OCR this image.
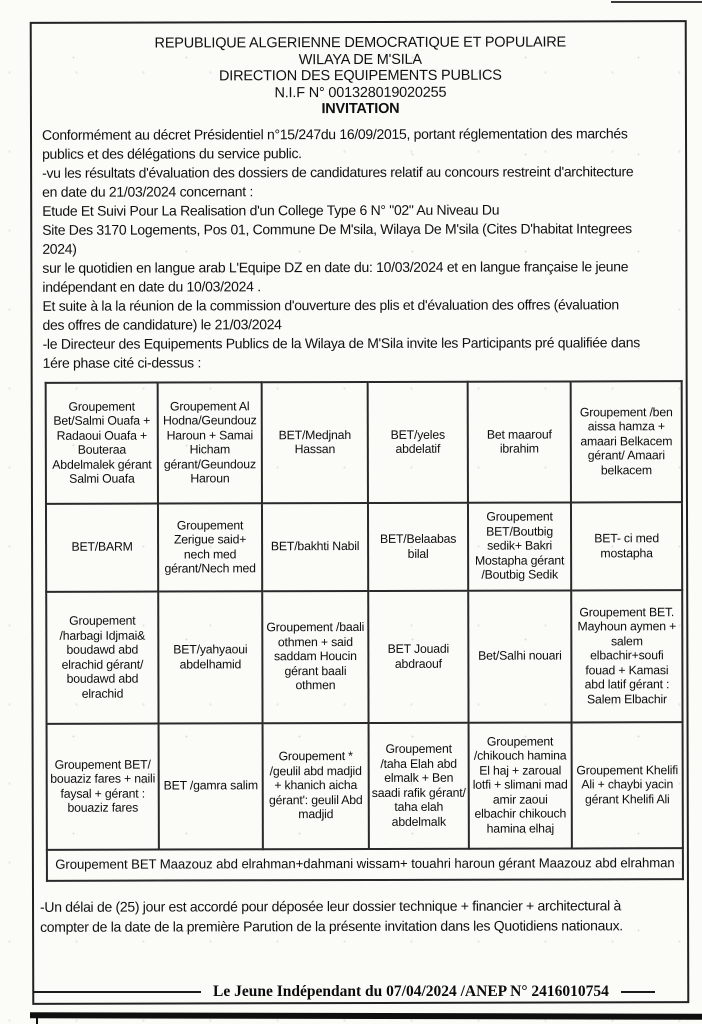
REPUBLIQUE ALGERIENNE DEMOCRATIQUE ET POPULAIRE
WILAYA DE M'SILA
DIRECTION DES EQUIPEMENTS PUBLICS
N.I.F N° 001328019020255
INVITATION

Conformément au décret Présidentiel n°15/247du 16/09/2015, portant réglementation des marchés
publics et des délégations du service public.

-vu les résultats d'évaluation des dossiers de candidatures relatif au concours restreint d'architecture
en date du 21/03/2024 concernant :

Etude Et Suivi Pour La Realisation d'un College Type 6 N° "02" Au Niveau Du

Site Des 3170 Logements, Pos 01, Commune De M'sila, Wilaya De M'sila (Cites D'habitat Integrees
2024)

sur le quotidien en langue arab L'Equipe DZ en date du: 10/03/2024 et en langue française le jeune
indépendant en date du 10/03/2024 .

Et suite à la la réunion de la commission d'ouverture des plis et d'évaluation des offres (évaluation
des offres de candidature) le 21/03/2024

-le Directeur des Equipements Publics de la Wilaya de M'Sila invite les Participants pré qualifiée dans
1ére phase cité ci-dessus :

Groupement Bet/Salmi Ouafa + Radaoui Ouafa + Bouteraa Abdelmalek gérant Salmi Ouafa	Groupement Al Hodna/Geundouz Haroun + Samai Hicham gérant/Geundouz Haroun	BET/Medjnah Hassan	BET/yeles abdelatif	Bet maarouf ibrahim	Groupement /ben aissa hamza + amaari Belkacem gérant/ Amaari belkacem
BET/BARM	Groupement Zerigue said+ nech med gérant/Nech med	BET/bakhti Nabil	BET/Belaabas bilal	Groupement BET/Boutbig sedik+ Bakri Mostapha gérant /Boutbig Sedik	BET- ci med mostapha
Groupement /harbagi Idjmai& boudawd abd elrachid gérant/ boudawd abd elrachid	BET/yahyaoui abdelhamid	Groupement /baali othmen + said saddam Houcin gérant baali othmen	BET Jouadi abdraouf	Bet/Salhi nouari	Groupement BET. Mayhoun aymen + salem elbachir+soufi fouad + Kamasi abd latif gérant : Salem Elbachir
Groupement BET/ bouaziz fares + naili faysal + gérant : bouaziz fares	BET /gamra salim	Groupement * /geulil abd madjid + khanich aicha gérant': geulil Abd madjid	Groupement /taha Elah abd elmalk + Ben saadi rafik gérant/ taha elah abdelmalk	Groupement /chikouch hamina El haj + zaroual lotfi + slimani mad amir zaoui elbachir chikouch hamina elhaj	Groupement Khelifi Ali + chaybi yacin gérant Khelifi Ali
Groupement BET Maazouz abd elrahman+dahmani wissam+ touahri haroun gérant Maazouz abd elrahman					
-Un délai de (25) jour est accordé pour déposée leur dossier technique + financier + architectural à
compter de la date de la première Parution de la présente invitation dans les Quotidiens nationaux.
Le Jeune Indépendant du 07/04/2024 /ANEP N° 2416010754
